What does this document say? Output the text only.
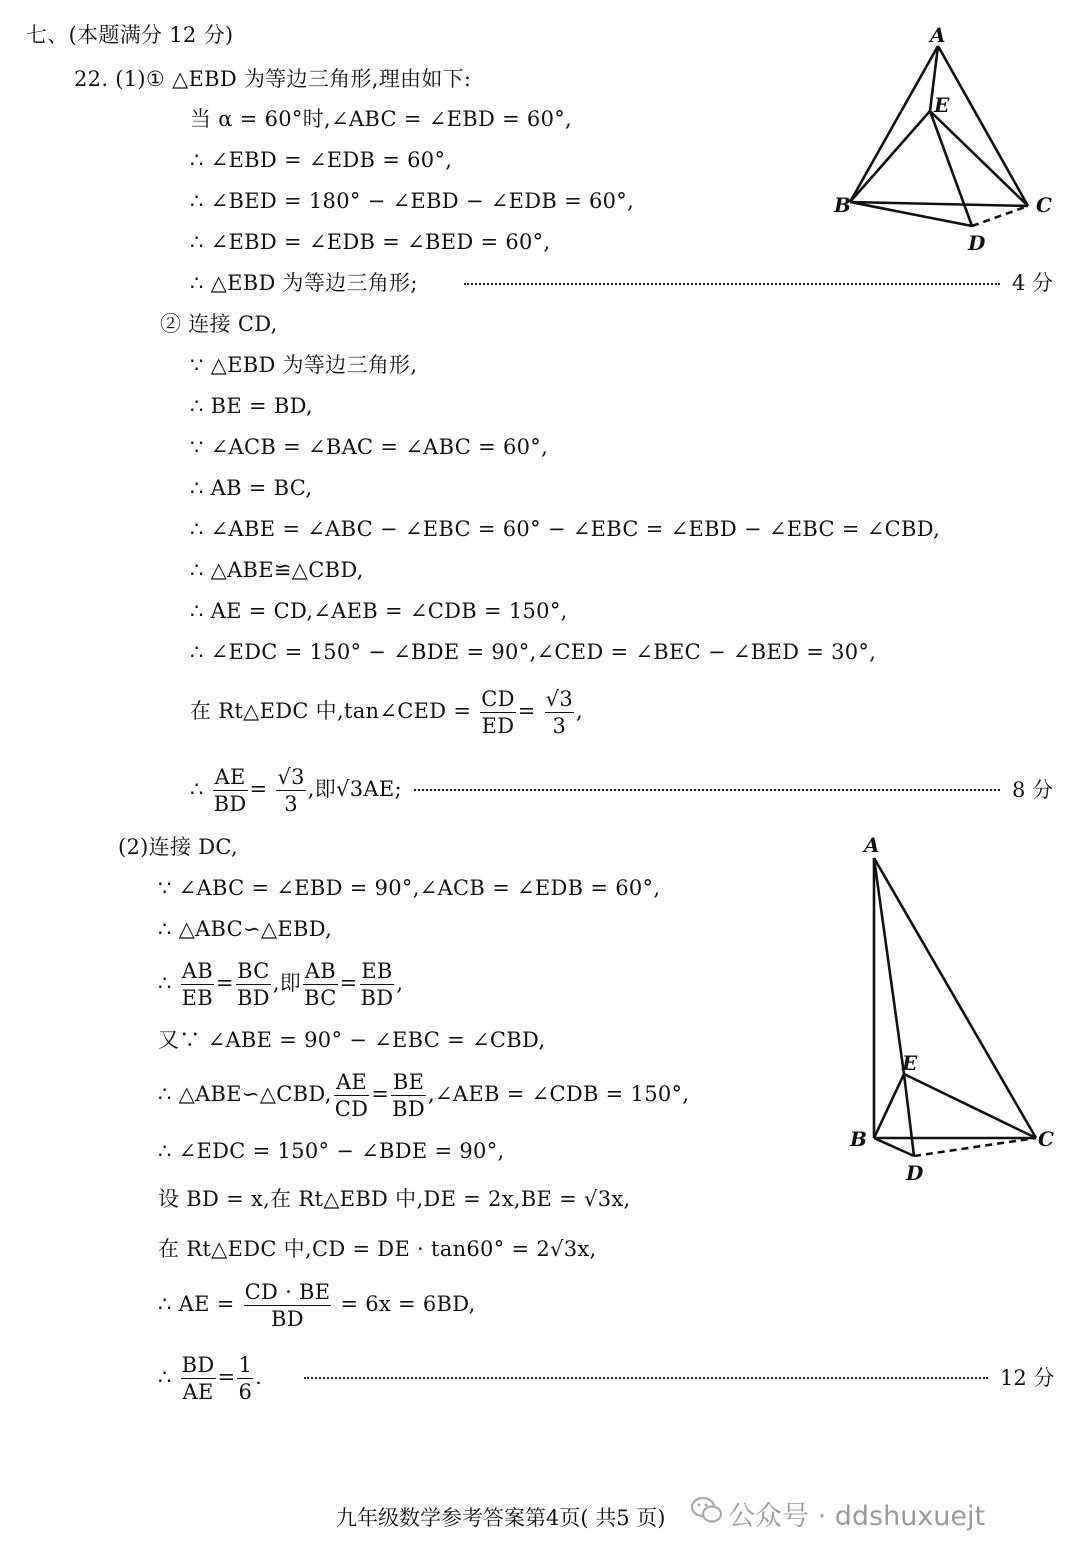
七、(本题满分 12 分)
22. (1)① △EBD 为等边三角形,理由如下:
当 α = 60°时,∠ABC = ∠EBD = 60°,
∴ ∠EBD = ∠EDB = 60°,
∴ ∠BED = 180° − ∠EBD − ∠EDB = 60°,
∴ ∠EBD = ∠EDB = ∠BED = 60°,
∴ △EBD 为等边三角形;	4 分
② 连接 CD,
∵ △EBD 为等边三角形,
∴ BE = BD,
∵ ∠ACB = ∠BAC = ∠ABC = 60°,
∴ AB = BC,
∴ ∠ABE = ∠ABC − ∠EBC = 60° − ∠EBC = ∠EBD − ∠EBC = ∠CBD,
∴ △ABE≌△CBD,
∴ AE = CD,∠AEB = ∠CDB = 150°,
∴ ∠EDC = 150° − ∠BDE = 90°,∠CED = ∠BEC − ∠BED = 30°,
在 Rt△EDC 中,tan∠CED = $\frac{CD}{ED} = \frac{√3}{3}$ ,
∴ $\frac{AE}{BD} = \frac{√3}{3}$ ,即√3AE;	8 分
A
E
B	C
D
(2)连接 DC,
∵ ∠ABC = ∠EBD = 90°,∠ACB = ∠EDB = 60°,
∴ △ABC∽△EBD,
∴ $\frac{AB}{EB} = \frac{BC}{BD}$ ,即 $\frac{AB}{BC} = \frac{EB}{BD}$ ,
又∵ ∠ABE = 90° − ∠EBC = ∠CBD,
∴ △ABE∽△CBD, $\frac{AE}{CD} = \frac{BE}{BD}$ ,∠AEB = ∠CDB = 150°,
∴ ∠EDC = 150° − ∠BDE = 90°,
设 BD = x,在 Rt△EBD 中,DE = 2x,BE = √3x,
在 Rt△EDC 中,CD = DE · tan60° = 2√3x,
∴ AE = $\frac{CD \cdot BE}{BD} = 6x = 6BD$,
∴ $\frac{BD}{AE} = \frac{1}{6}$ .	12 分
A
E
B	C
D
九年级数学参考答案第4页( 共5 页) 公众号 · ddshuxuejt
